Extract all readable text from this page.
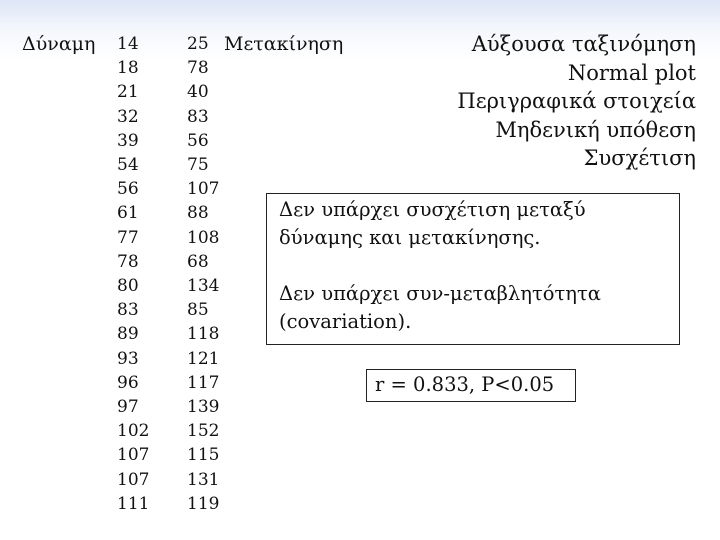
Δύναμη 14
18
21
32
39
54
56
61
77
78
80
83
89
93
96
97
102
107
107
111
25
78
40
83
56
75
107
88
108
68
134
85
118
121
117
139
152
115
131
119
Μετακίνηση	Αύξουσα ταξινόμηση
Normal plot
Περιγραφικά στοιχεία
Μηδενική υπόθεση
Συσχέτιση
Δεν υπάρχει συσχέτιση μεταξύ
δύναμης και μετακίνησης.
Δεν υπάρχει συν-μεταβλητότητα
(covariation).
r = 0.833, P<0.05
